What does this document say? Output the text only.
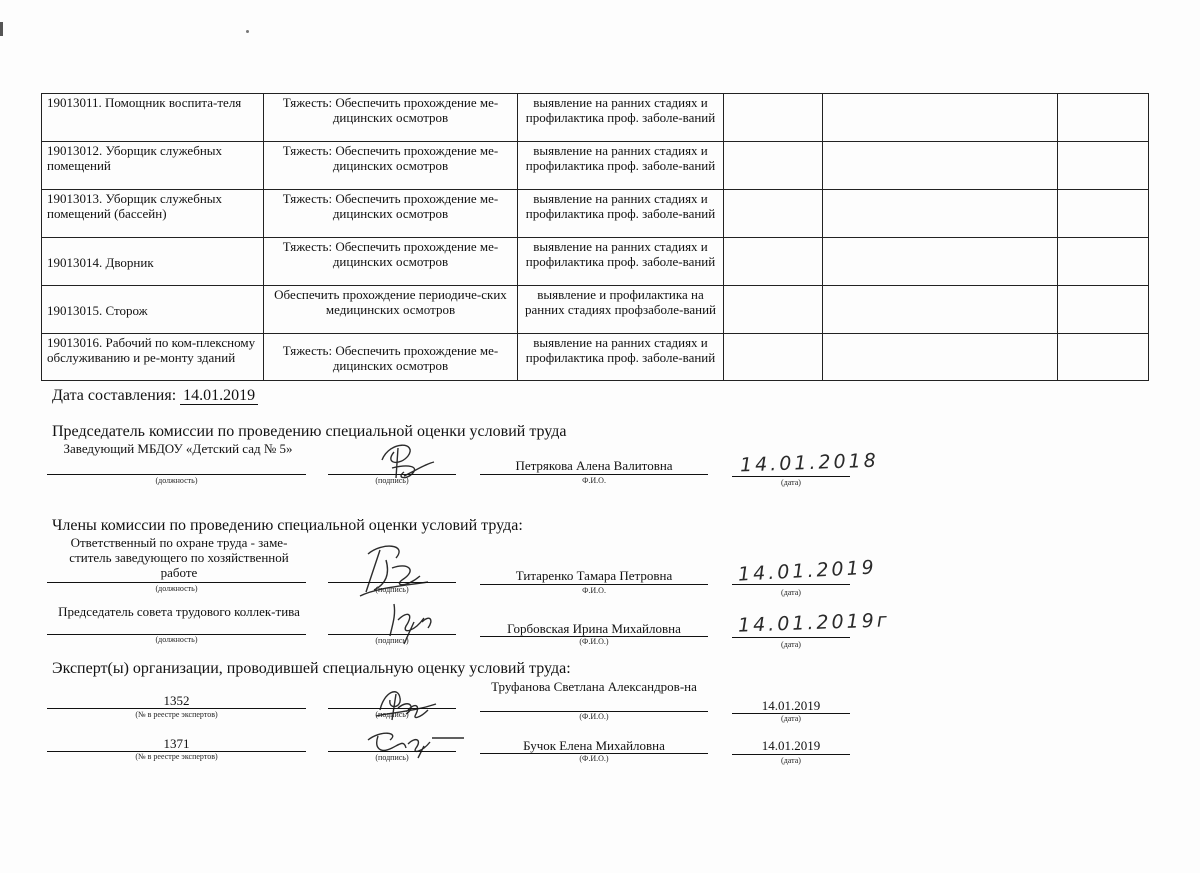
19013011. Помощник воспита-теля	Тяжесть: Обеспечить прохождение ме-дицинских осмотров	выявление на ранних стадиях и профилактика проф. заболе-ваний			
19013012. Уборщик служебных помещений	Тяжесть: Обеспечить прохождение ме-дицинских осмотров	выявление на ранних стадиях и профилактика проф. заболе-ваний			
19013013. Уборщик служебных помещений (бассейн)	Тяжесть: Обеспечить прохождение ме-дицинских осмотров	выявление на ранних стадиях и профилактика проф. заболе-ваний			
19013014. Дворник	Тяжесть: Обеспечить прохождение ме-дицинских осмотров	выявление на ранних стадиях и профилактика проф. заболе-ваний			
19013015. Сторож	Обеспечить прохождение периодиче-ских медицинских осмотров	выявление и профилактика на ранних стадиях профзаболе-ваний			
19013016. Рабочий по ком-плексному обслуживанию и ре-монту зданий	Тяжесть: Обеспечить прохождение ме-дицинских осмотров	выявление на ранних стадиях и профилактика проф. заболе-ваний			
Дата составления: 14.01.2019
Председатель комиссии по проведению специальной оценки условий труда
Заведующий МБДОУ «Детский сад № 5»
(должность)	(подпись)
Петрякова Алена Валитовна
Ф.И.О.
14.01.2018
(дата)
Члены комиссии по проведению специальной оценки условий труда:
Ответственный по охране труда - заме-ститель заведующего по хозяйственной работе
(должность)	(подпись)
Титаренко Тамара Петровна
Ф.И.О.
14.01.2019
(дата)
Председатель совета трудового коллек-тива
(должность)	(подпись)
Горбовская Ирина Михайловна
(Ф.И.О.)
14.01.2019г
(дата)
Эксперт(ы) организации, проводившей специальную оценку условий труда:
1352
(№ в реестре экспертов)	(подпись)
Труфанова Светлана Александров-на
(Ф.И.О.)
14.01.2019
(дата)
1371
(№ в реестре экспертов)	(подпись)
Бучок Елена Михайловна
(Ф.И.О.)
14.01.2019
(дата)
